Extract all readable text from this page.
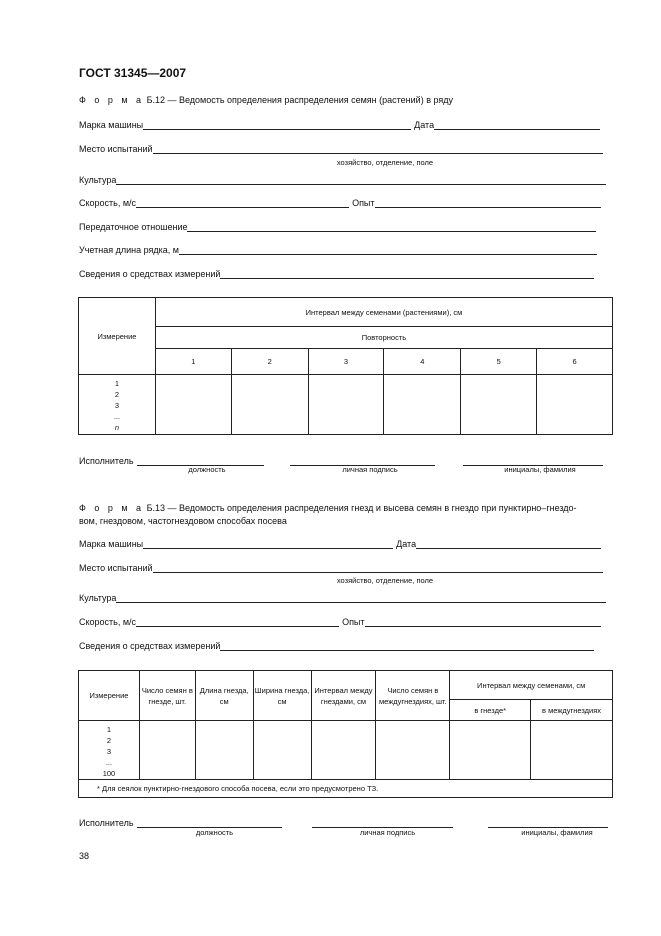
ГОСТ 31345—2007
Ф о р м а Б.12 — Ведомость определения распределения семян (растений) в ряду
Марка машины	Дата
Место испытаний
хозяйство, отделение, поле
Культура
Скорость, м/с	Опыт
Передаточное отношение
Учетная длина рядка, м
Сведения о средствах измерений
Измерение	Интервал между семенами (растениями), см					
	Повторность					
	1	2	3	4	5	6

1
2
3
...
n						

Исполнитель
должность	личная подпись	инициалы, фамилия
Ф о р м а Б.13 — Ведомость определения распределения гнезд и высева семян в гнездо при пунктирно–гнездо-
вом, гнездовом, частогнездовом способах посева
Марка машины	Дата
Место испытаний
хозяйство, отделение, поле
Культура
Скорость, м/с	Опыт
Сведения о средствах измерений
Измерение	Число семян в гнезде, шт.	Длина гнезда, см	Ширина гнезда, см	Интервал между гнездами, см	Число семян в междугнездиях, шт.	Интервал между семенами, см	
						в гнезде*	в междугнездиях

1
2
3
...
100							

* Для сеялок пунктирно-гнездового способа посева, если это предусмотрено ТЗ.							
Исполнитель
должность	личная подпись	инициалы, фамилия
38
